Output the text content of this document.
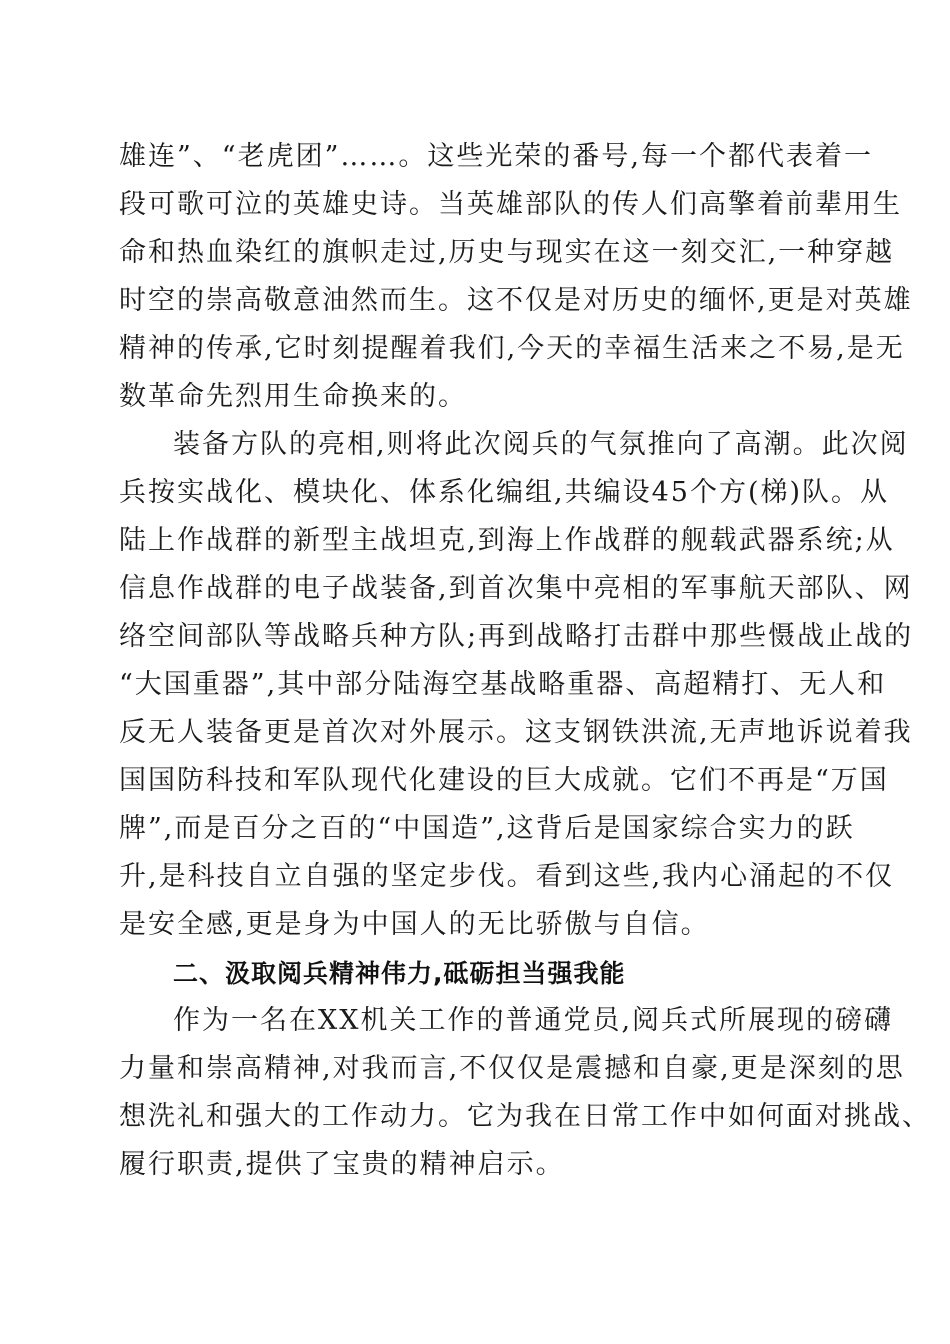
雄连”、“老虎团”……。这些光荣的番号,每一个都代表着一
段可歌可泣的英雄史诗。当英雄部队的传人们高擎着前辈用生
命和热血染红的旗帜走过,历史与现实在这一刻交汇,一种穿越
时空的崇高敬意油然而生。这不仅是对历史的缅怀,更是对英雄
精神的传承,它时刻提醒着我们,今天的幸福生活来之不易,是无
数革命先烈用生命换来的。
装备方队的亮相,则将此次阅兵的气氛推向了高潮。此次阅
兵按实战化、模块化、体系化编组,共编设45个方(梯)队。从
陆上作战群的新型主战坦克,到海上作战群的舰载武器系统;从
信息作战群的电子战装备,到首次集中亮相的军事航天部队、网
络空间部队等战略兵种方队;再到战略打击群中那些慑战止战的
“大国重器”,其中部分陆海空基战略重器、高超精打、无人和
反无人装备更是首次对外展示。这支钢铁洪流,无声地诉说着我
国国防科技和军队现代化建设的巨大成就。它们不再是“万国
牌”,而是百分之百的“中国造”,这背后是国家综合实力的跃
升,是科技自立自强的坚定步伐。看到这些,我内心涌起的不仅
是安全感,更是身为中国人的无比骄傲与自信。
二、汲取阅兵精神伟力,砥砺担当强我能
作为一名在XX机关工作的普通党员,阅兵式所展现的磅礴
力量和崇高精神,对我而言,不仅仅是震撼和自豪,更是深刻的思
想洗礼和强大的工作动力。它为我在日常工作中如何面对挑战、
履行职责,提供了宝贵的精神启示。
